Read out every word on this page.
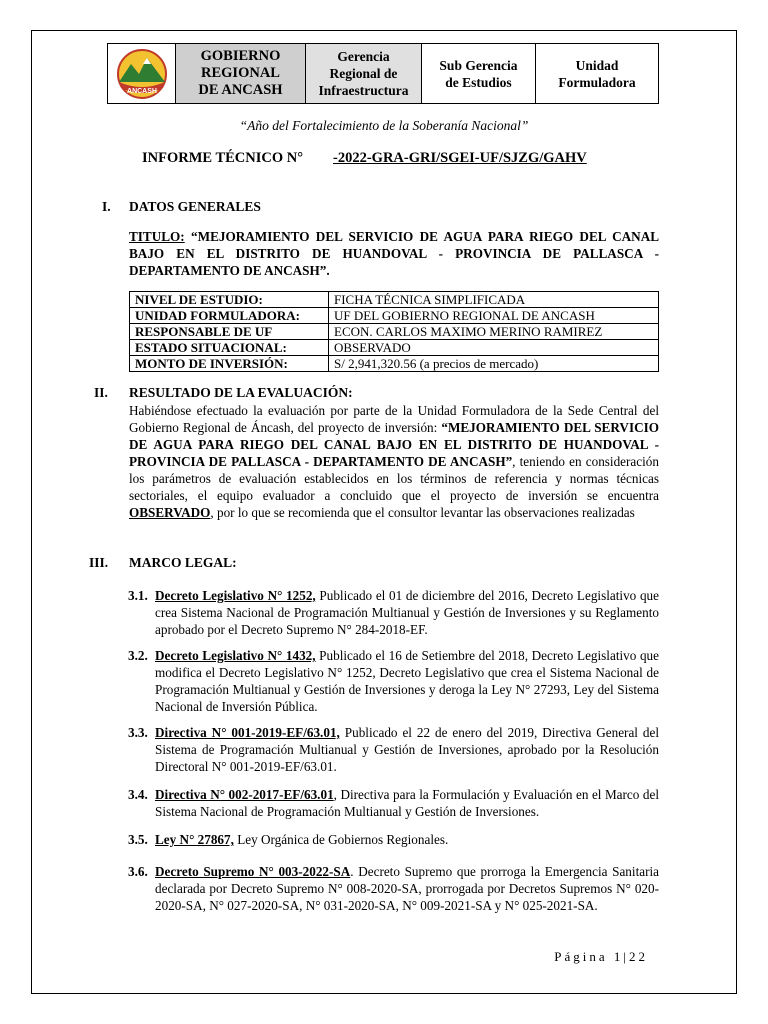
ANCASH
GOBIERNO
REGIONAL
DE ANCASH
Gerencia
Regional de
Infraestructura
Sub Gerencia
de Estudios
Unidad
Formuladora
“Año del Fortalecimiento de la Soberanía Nacional”
INFORME TÉCNICO N° -2022-GRA-GRI/SGEI-UF/SJZG/GAHV
I. DATOS GENERALES
TITULO: “MEJORAMIENTO DEL SERVICIO DE AGUA PARA RIEGO DEL CANAL BAJO EN EL DISTRITO DE HUANDOVAL - PROVINCIA DE PALLASCA - DEPARTAMENTO DE ANCASH”.
NIVEL DE ESTUDIO:	FICHA TÉCNICA SIMPLIFICADA
UNIDAD FORMULADORA:	UF DEL GOBIERNO REGIONAL DE ANCASH
RESPONSABLE DE UF	ECON. CARLOS MAXIMO MERINO RAMIREZ
ESTADO SITUACIONAL:	OBSERVADO
MONTO DE INVERSIÓN:	S/ 2,941,320.56 (a precios de mercado)
II. RESULTADO DE LA EVALUACIÓN:
Habiéndose efectuado la evaluación por parte de la Unidad Formuladora de la Sede Central del Gobierno Regional de Áncash, del proyecto de inversión: “MEJORAMIENTO DEL SERVICIO DE AGUA PARA RIEGO DEL CANAL BAJO EN EL DISTRITO DE HUANDOVAL - PROVINCIA DE PALLASCA - DEPARTAMENTO DE ANCASH”, teniendo en consideración los parámetros de evaluación establecidos en los términos de referencia y normas técnicas sectoriales, el equipo evaluador a concluido que el proyecto de inversión se encuentra OBSERVADO, por lo que se recomienda que el consultor levantar las observaciones realizadas
III. MARCO LEGAL:
3.1. Decreto Legislativo N° 1252, Publicado el 01 de diciembre del 2016, Decreto Legislativo que crea Sistema Nacional de Programación Multianual y Gestión de Inversiones y su Reglamento aprobado por el Decreto Supremo N° 284-2018-EF.
3.2. Decreto Legislativo N° 1432, Publicado el 16 de Setiembre del 2018, Decreto Legislativo que modifica el Decreto Legislativo N° 1252, Decreto Legislativo que crea el Sistema Nacional de Programación Multianual y Gestión de Inversiones y deroga la Ley N° 27293, Ley del Sistema Nacional de Inversión Pública.
3.3. Directiva N° 001-2019-EF/63.01, Publicado el 22 de enero del 2019, Directiva General del Sistema de Programación Multianual y Gestión de Inversiones, aprobado por la Resolución Directoral N° 001-2019-EF/63.01.
3.4. Directiva N° 002-2017-EF/63.01, Directiva para la Formulación y Evaluación en el Marco del Sistema Nacional de Programación Multianual y Gestión de Inversiones.
3.5. Ley N° 27867, Ley Orgánica de Gobiernos Regionales.
3.6. Decreto Supremo N° 003-2022-SA. Decreto Supremo que prorroga la Emergencia Sanitaria declarada por Decreto Supremo N° 008-2020-SA, prorrogada por Decretos Supremos N° 020-2020-SA, N° 027-2020-SA, N° 031-2020-SA, N° 009-2021-SA y N° 025-2021-SA.
Página 1|22
